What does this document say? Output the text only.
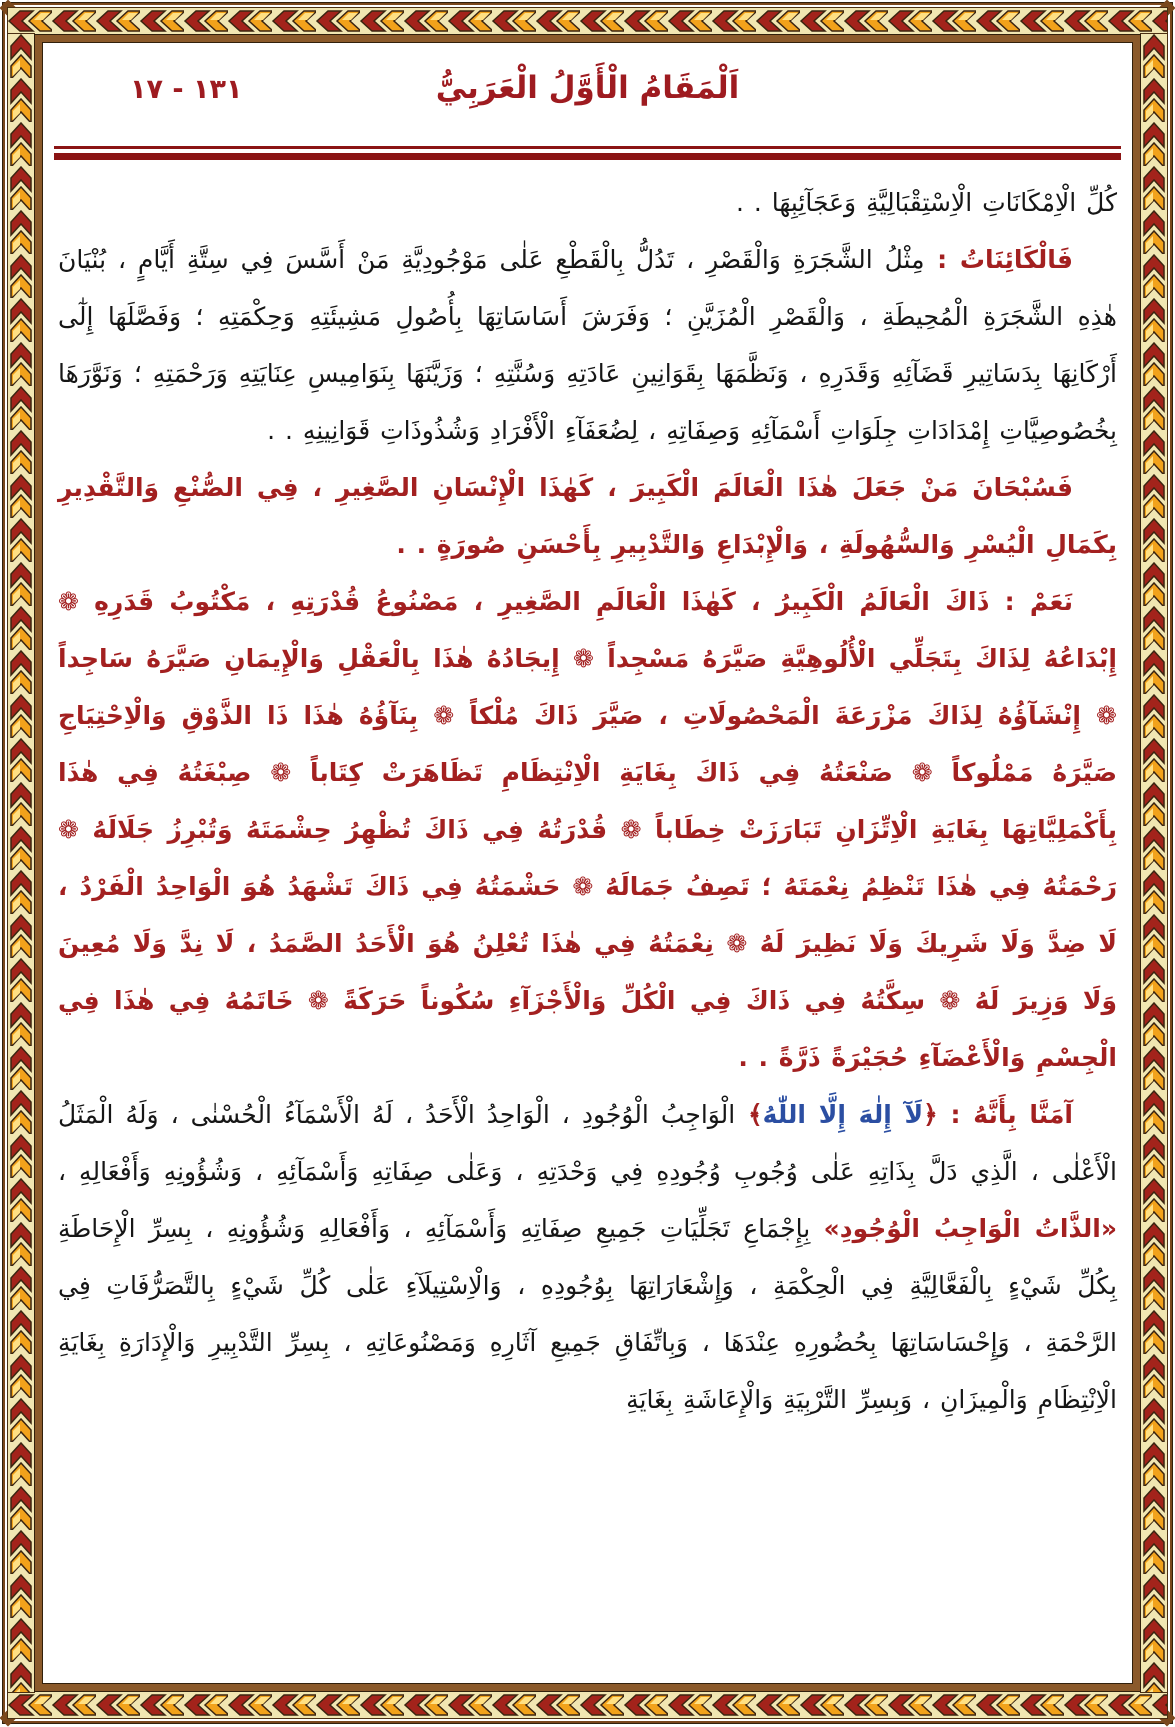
١٣١ - ١٧	اَلْمَقَامُ الْأَوَّلُ الْعَرَبِيُّ

كُلِّ الْاِمْكَانَاتِ الْاِسْتِقْبَالِيَّةِ وَعَجَآئِبِهَا . .

فَالْكَائِنَاتُ : مِثْلُ الشَّجَرَةِ وَالْقَصْرِ ، تَدُلُّ بِالْقَطْعِ عَلٰى مَوْجُودِيَّةِ مَنْ أَسَّسَ فِي سِتَّةِ أَيَّامٍ ، بُنْيَانَ هٰذِهِ الشَّجَرَةِ الْمُحِيطَةِ ، وَالْقَصْرِ الْمُزَيَّنِ ؛ وَفَرَشَ أَسَاسَاتِهَا بِأُصُولِ مَشِيئَتِهِ وَحِكْمَتِهِ ؛ وَفَصَّلَهَا إِلٰٓى أَرْكَانِهَا بِدَسَاتِيرِ قَضَآئِهِ وَقَدَرِهِ ، وَنَظَّمَهَا بِقَوَانِينِ عَادَتِهِ وَسُنَّتِهِ ؛ وَزَيَّنَهَا بِنَوَامِيسِ عِنَايَتِهِ وَرَحْمَتِهِ ؛ وَنَوَّرَهَا بِخُصُوصِيَّاتِ إِمْدَادَاتِ جِلَوَاتِ أَسْمَآئِهِ وَصِفَاتِهِ ، لِضُعَفَآءِ الْأَفْرَادِ وَشُذُوذَاتِ قَوَانِينِهِ . .

فَسُبْحَانَ مَنْ جَعَلَ هٰذَا الْعَالَمَ الْكَبِيرَ ، كَهٰذَا الْإِنْسَانِ الصَّغِيرِ ، فِي الصُّنْعِ وَالتَّقْدِيرِ بِكَمَالِ الْيُسْرِ وَالسُّهُولَةِ ، وَالْإِبْدَاعِ وَالتَّدْبِيرِ بِأَحْسَنِ صُورَةٍ . .

نَعَمْ : ذَاكَ الْعَالَمُ الْكَبِيرُ ، كَهٰذَا الْعَالَمِ الصَّغِيرِ ، مَصْنُوعُ قُدْرَتِهِ ، مَكْتُوبُ قَدَرِهِ ❁ إِبْدَاعُهُ لِذَاكَ بِتَجَلِّي الْأُلُوهِيَّةِ صَيَّرَهُ مَسْجِداً ❁ إِيجَادُهُ هٰذَا بِالْعَقْلِ وَالْإِيمَانِ صَيَّرَهُ سَاجِداً ❁ إِنْشَآؤُهُ لِذَاكَ مَزْرَعَةَ الْمَحْصُولَاتِ ، صَيَّرَ ذَاكَ مُلْكاً ❁ بِنَآؤُهُ هٰذَا ذَا الذَّوْقِ وَالْاِحْتِيَاجِ صَيَّرَهُ مَمْلُوكاً ❁ صَنْعَتُهُ فِي ذَاكَ بِغَايَةِ الْاِنْتِظَامِ تَظَاهَرَتْ كِتَاباً ❁ صِبْغَتُهُ فِي هٰذَا بِأَكْمَلِيَّاتِهَا بِغَايَةِ الْاِتِّزَانِ تَبَارَزَتْ خِطَاباً ❁ قُدْرَتُهُ فِي ذَاكَ تُظْهِرُ حِشْمَتَهُ وَتُبْرِزُ جَلَالَهُ ❁ رَحْمَتُهُ فِي هٰذَا تَنْظِمُ نِعْمَتَهُ ؛ تَصِفُ جَمَالَهُ ❁ حَشْمَتُهُ فِي ذَاكَ تَشْهَدُ هُوَ الْوَاحِدُ الْفَرْدُ ، لَا ضِدَّ وَلَا شَرِيكَ وَلَا نَظِيرَ لَهُ ❁ نِعْمَتُهُ فِي هٰذَا تُعْلِنُ هُوَ الْأَحَدُ الصَّمَدُ ، لَا نِدَّ وَلَا مُعِينَ وَلَا وَزِيرَ لَهُ ❁ سِكَّتُهُ فِي ذَاكَ فِي الْكُلِّ وَالْأَجْزَآءِ سُكُوناً حَرَكَةً ❁ خَاتَمُهُ فِي هٰذَا فِي الْجِسْمِ وَالْأَعْضَآءِ حُجَيْرَةً ذَرَّةً . .

آمَنَّا بِأَنَّهُ : ﴿لَآ إِلٰهَ إِلَّا اللّٰهُ﴾ الْوَاجِبُ الْوُجُودِ ، الْوَاحِدُ الْأَحَدُ ، لَهُ الْأَسْمَآءُ الْحُسْنٰى ، وَلَهُ الْمَثَلُ الْأَعْلٰى ، الَّذِي دَلَّ بِذَاتِهِ عَلٰى وُجُوبِ وُجُودِهِ فِي وَحْدَتِهِ ، وَعَلٰى صِفَاتِهِ وَأَسْمَآئِهِ ، وَشُؤُونِهِ وَأَفْعَالِهِ ، «الذَّاتُ الْوَاجِبُ الْوُجُودِ» بِإِجْمَاعِ تَجَلِّيَاتِ جَمِيعِ صِفَاتِهِ وَأَسْمَآئِهِ ، وَأَفْعَالِهِ وَشُؤُونِهِ ، بِسِرِّ الْإِحَاطَةِ بِكُلِّ شَيْءٍ بِالْفَعَّالِيَّةِ فِي الْحِكْمَةِ ، وَإِشْعَارَاتِهَا بِوُجُودِهِ ، وَالْاِسْتِيلَآءِ عَلٰى كُلِّ شَيْءٍ بِالتَّصَرُّفَاتِ فِي الرَّحْمَةِ ، وَإِحْسَاسَاتِهَا بِحُضُورِهِ عِنْدَهَا ، وَبِاتِّفَاقِ جَمِيعِ آثَارِهِ وَمَصْنُوعَاتِهِ ، بِسِرِّ التَّدْبِيرِ وَالْإِدَارَةِ بِغَايَةِ الْاِنْتِظَامِ وَالْمِيزَانِ ، وَبِسِرِّ التَّرْبِيَةِ وَالْإِعَاشَةِ بِغَايَةِ
